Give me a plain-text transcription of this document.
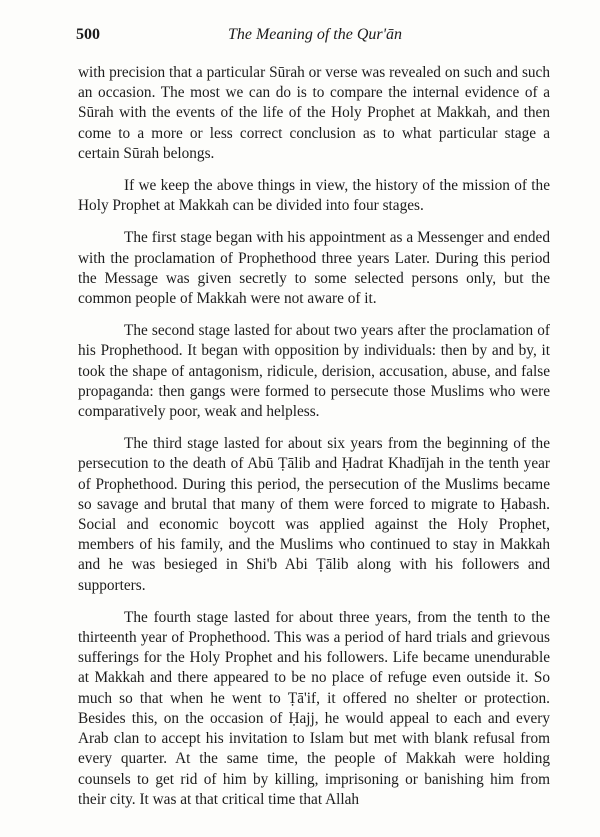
500	The Meaning of the Qur'ān

with precision that a particular Sūrah or verse was revealed on such and such an occasion. The most we can do is to compare the internal evidence of a Sūrah with the events of the life of the Holy Prophet at Makkah, and then come to a more or less correct conclusion as to what particular stage a certain Sūrah belongs.

If we keep the above things in view, the history of the mission of the Holy Prophet at Makkah can be divided into four stages.

The first stage began with his appointment as a Messenger and ended with the proclamation of Prophethood three years Later. During this period the Message was given secretly to some selected persons only, but the common people of Makkah were not aware of it.

The second stage lasted for about two years after the proclamation of his Prophethood. It began with opposition by individuals: then by and by, it took the shape of antagonism, ridicule, derision, accusation, abuse, and false propaganda: then gangs were formed to persecute those Muslims who were comparatively poor, weak and helpless.

The third stage lasted for about six years from the beginning of the persecution to the death of Abū Ṭālib and Ḥadrat Khadījah in the tenth year of Prophethood. During this period, the persecution of the Muslims became so savage and brutal that many of them were forced to migrate to Ḥabash. Social and economic boycott was applied against the Holy Prophet, members of his family, and the Muslims who continued to stay in Makkah and he was besieged in Shi'b Abi Ṭālib along with his followers and supporters.

The fourth stage lasted for about three years, from the tenth to the thirteenth year of Prophethood. This was a period of hard trials and grievous sufferings for the Holy Prophet and his followers. Life became unendurable at Makkah and there appeared to be no place of refuge even outside it. So much so that when he went to Ṭā'if, it offered no shelter or protection. Besides this, on the occasion of Ḥajj, he would appeal to each and every Arab clan to accept his invitation to Islam but met with blank refusal from every quarter. At the same time, the people of Makkah were holding counsels to get rid of him by killing, imprisoning or banishing him from their city. It was at that critical time that Allah
